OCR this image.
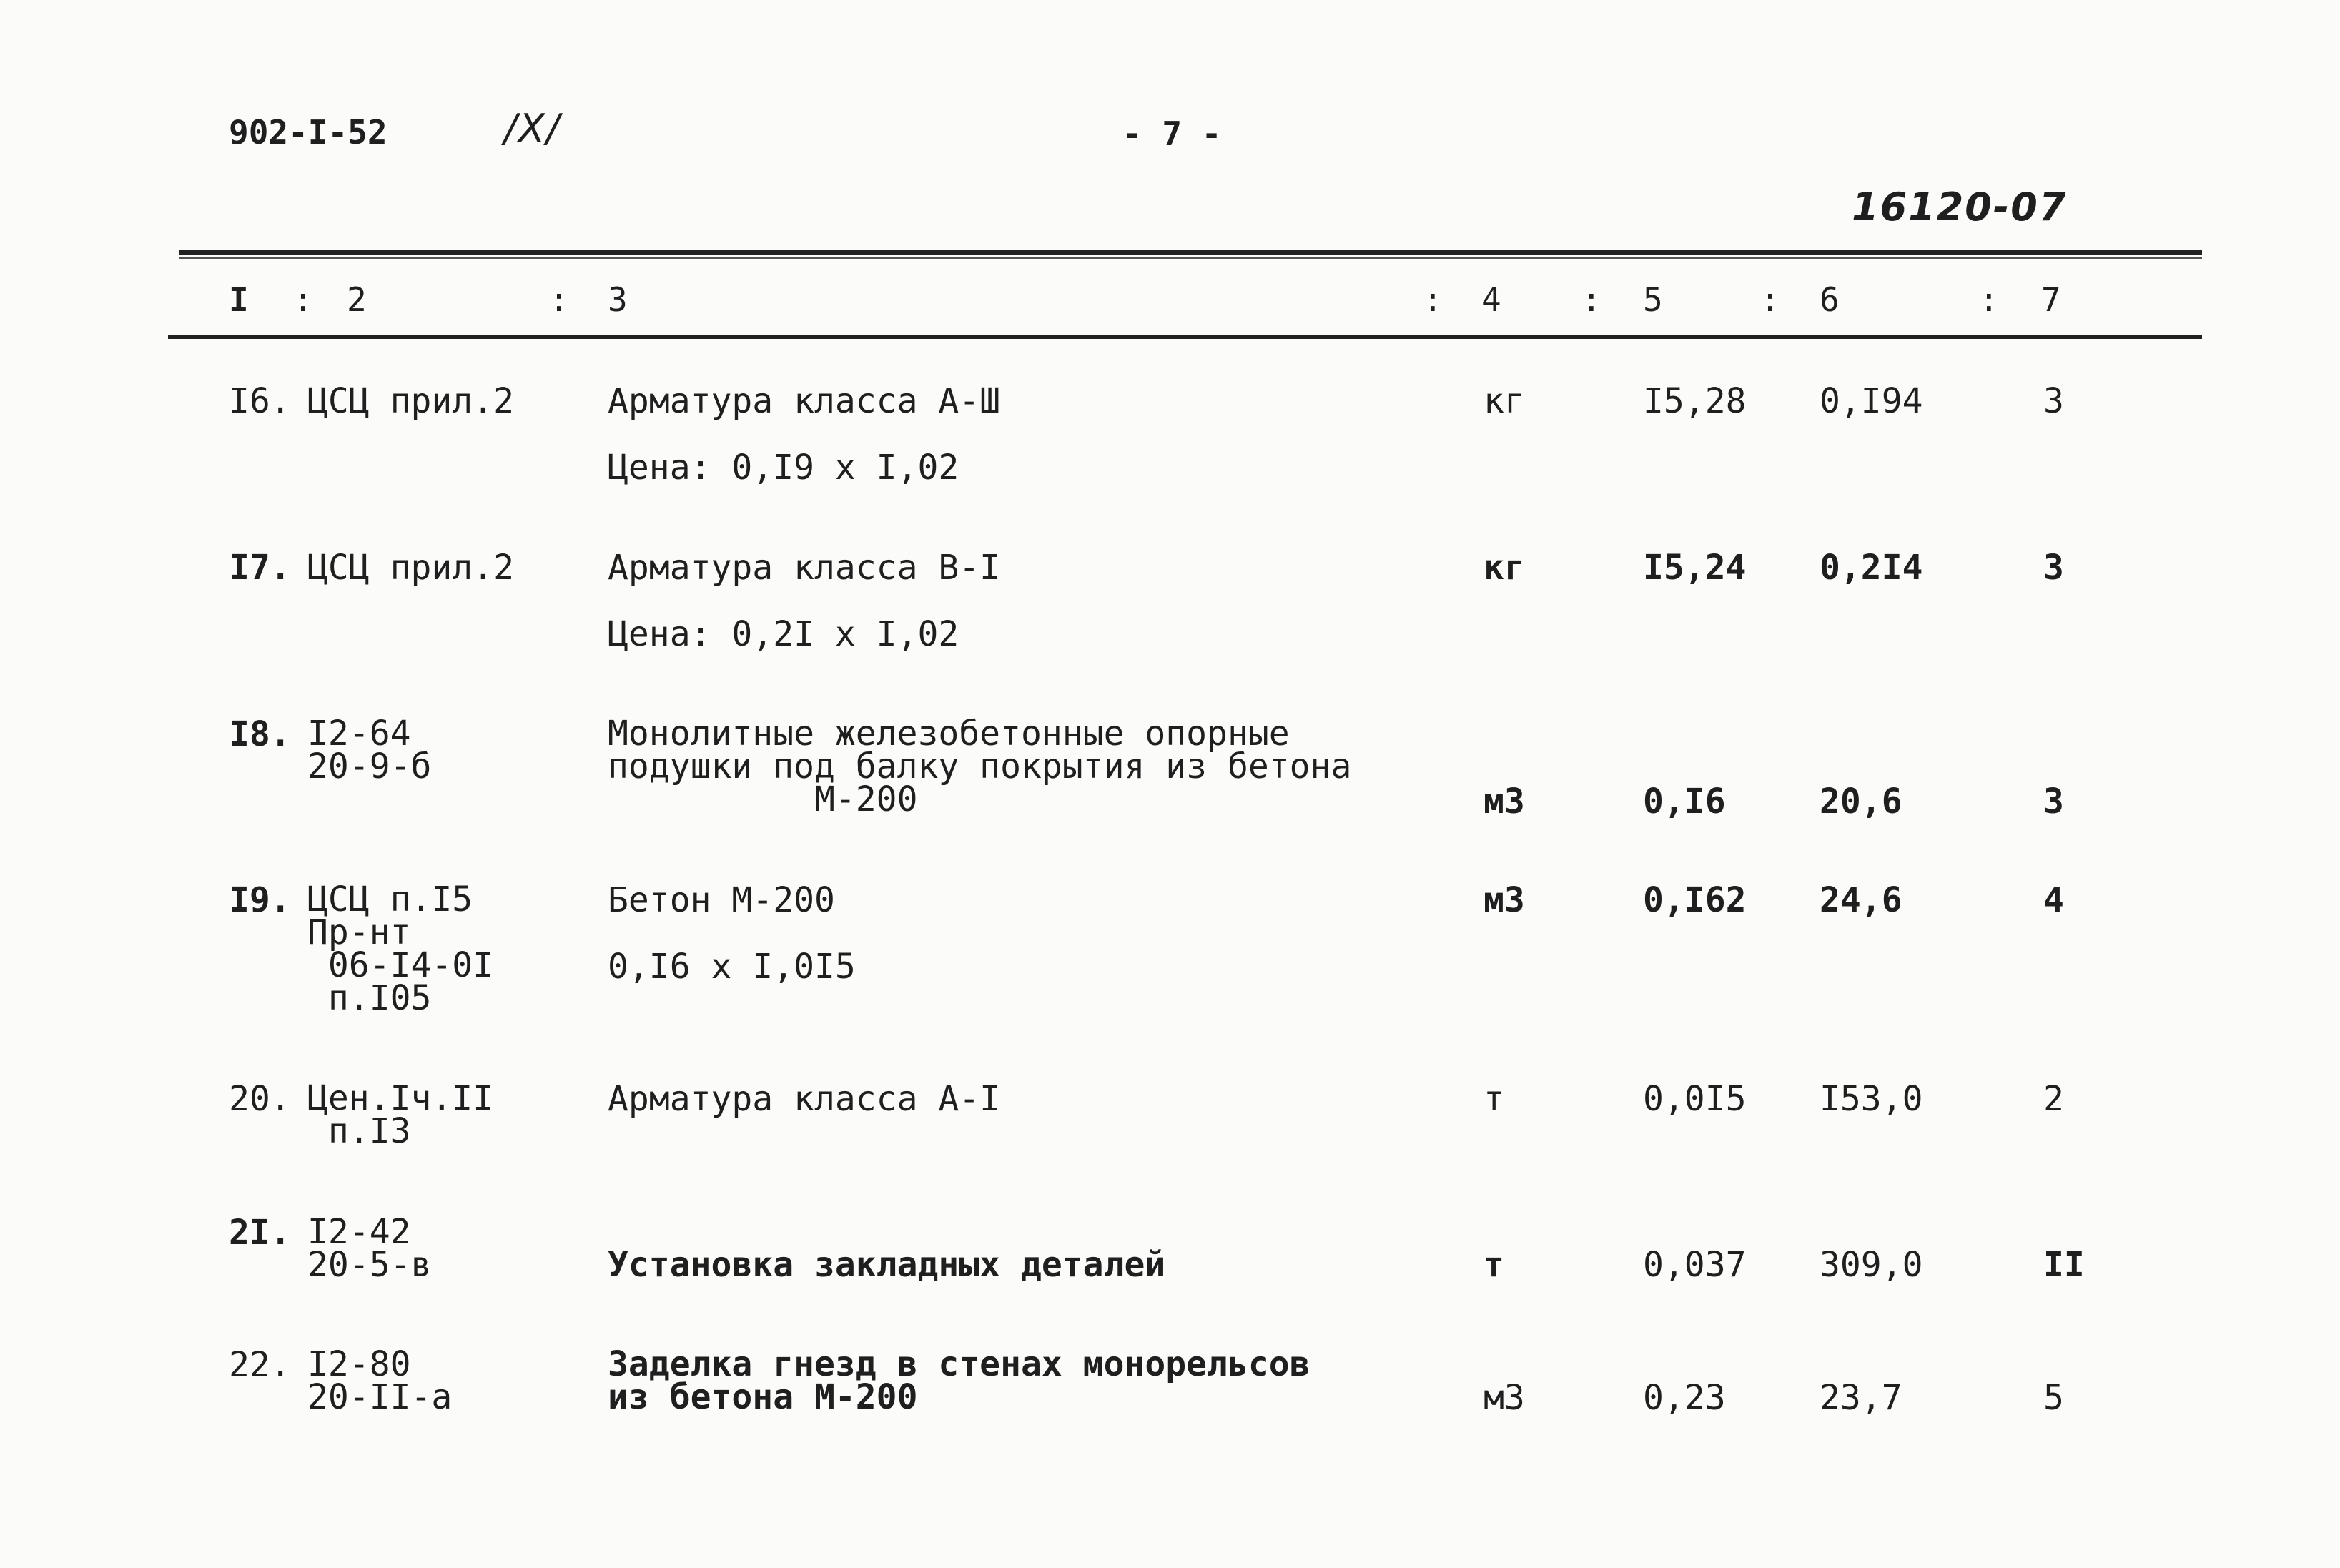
902-I-52	/X/	- 7 -
16120-07
I : 2	: 3	: 4 : 5	: 6	: 7
I6. ЦСЦ прил.2	Арматура класса А-Ш
Цена: 0,I9 х I,02
кг	I5,28 0,I94	3
I7. ЦСЦ прил.2	Арматура класса В-I
Цена: 0,2I х I,02
кг	I5,24 0,2I4	3
I8. I2-64
20-9-б
Монолитные железобетонные опорные
подушки под балку покрытия из бетона
М-200	м3	0,I6	20,6	3
I9. ЦСЦ п.I5
Пр-нт
06-I4-0I
п.I05
Бетон М-200
0,I6 х I,0I5
м3	0,I62 24,6	4
20. Цен.Iч.II
п.I3
Арматура класса А-I	т	0,0I5 I53,0	2
2I. I2-42
20-5-в	Установка закладных деталей	т	0,037 309,0	II
22. I2-80
20-II-а
Заделка гнезд в стенах монорельсов
из бетона М-200	м3	0,23	23,7	5
